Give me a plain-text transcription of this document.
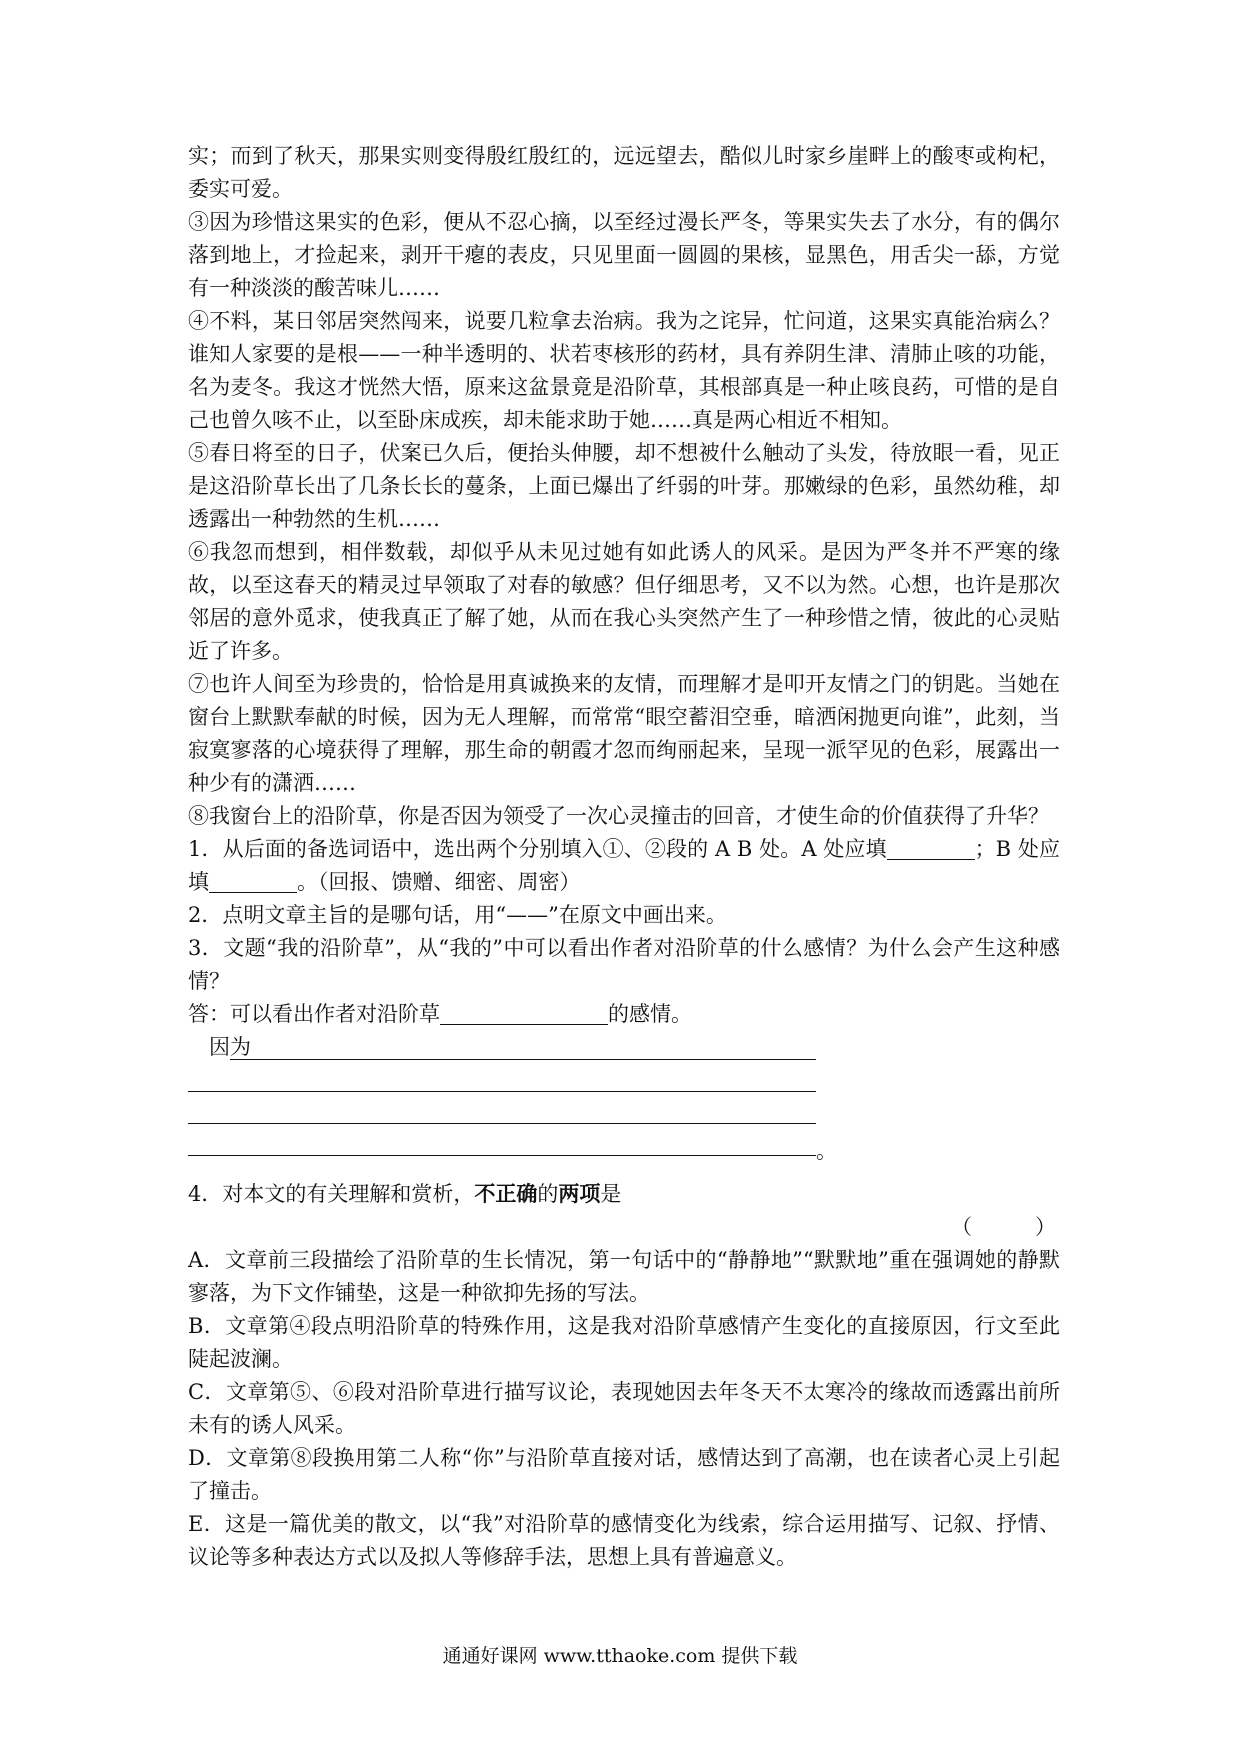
实；而到了秋天，那果实则变得殷红殷红的，远远望去，酷似儿时家乡崖畔上的酸枣或枸杞，委实可爱。

③因为珍惜这果实的色彩，便从不忍心摘，以至经过漫长严冬，等果实失去了水分，有的偶尔落到地上，才捡起来，剥开干瘪的表皮，只见里面一圆圆的果核，显黑色，用舌尖一舔，方觉有一种淡淡的酸苦味儿……

④不料，某日邻居突然闯来，说要几粒拿去治病。我为之诧异，忙问道，这果实真能治病么？谁知人家要的是根——一种半透明的、状若枣核形的药材，具有养阴生津、清肺止咳的功能，名为麦冬。我这才恍然大悟，原来这盆景竟是沿阶草，其根部真是一种止咳良药，可惜的是自己也曾久咳不止，以至卧床成疾，却未能求助于她……真是两心相近不相知。

⑤春日将至的日子，伏案已久后，便抬头伸腰，却不想被什么触动了头发，待放眼一看，见正是这沿阶草长出了几条长长的蔓条，上面已爆出了纤弱的叶芽。那嫩绿的色彩，虽然幼稚，却透露出一种勃然的生机……

⑥我忽而想到，相伴数载，却似乎从未见过她有如此诱人的风采。是因为严冬并不严寒的缘故，以至这春天的精灵过早领取了对春的敏感？但仔细思考，又不以为然。心想，也许是那次邻居的意外觅求，使我真正了解了她，从而在我心头突然产生了一种珍惜之情，彼此的心灵贴近了许多。

⑦也许人间至为珍贵的，恰恰是用真诚换来的友情，而理解才是叩开友情之门的钥匙。当她在窗台上默默奉献的时候，因为无人理解，而常常“眼空蓄泪空垂，暗洒闲抛更向谁”，此刻，当寂寞寥落的心境获得了理解，那生命的朝霞才忽而绚丽起来，呈现一派罕见的色彩，展露出一种少有的潇洒……

⑧我窗台上的沿阶草，你是否因为领受了一次心灵撞击的回音，才使生命的价值获得了升华？

1．从后面的备选词语中，选出两个分别填入①、②段的 A B 处。A 处应填	；B 处应填	。（回报、馈赠、细密、周密）

2．点明文章主旨的是哪句话，用“——”在原文中画出来。

3．文题“我的沿阶草”，从“我的”中可以看出作者对沿阶草的什么感情？为什么会产生这种感情？

答：可以看出作者对沿阶草	的感情。

因为
。

4．对本文的有关理解和赏析，不正确的两项是

（　　　）

A．文章前三段描绘了沿阶草的生长情况，第一句话中的“静静地”“默默地”重在强调她的静默寥落，为下文作铺垫，这是一种欲抑先扬的写法。

B．文章第④段点明沿阶草的特殊作用，这是我对沿阶草感情产生变化的直接原因，行文至此陡起波澜。

C．文章第⑤、⑥段对沿阶草进行描写议论，表现她因去年冬天不太寒冷的缘故而透露出前所未有的诱人风采。

D．文章第⑧段换用第二人称“你”与沿阶草直接对话，感情达到了高潮，也在读者心灵上引起了撞击。

E．这是一篇优美的散文，以“我”对沿阶草的感情变化为线索，综合运用描写、记叙、抒情、议论等多种表达方式以及拟人等修辞手法，思想上具有普遍意义。

通通好课网 www.tthaoke.com 提供下载
